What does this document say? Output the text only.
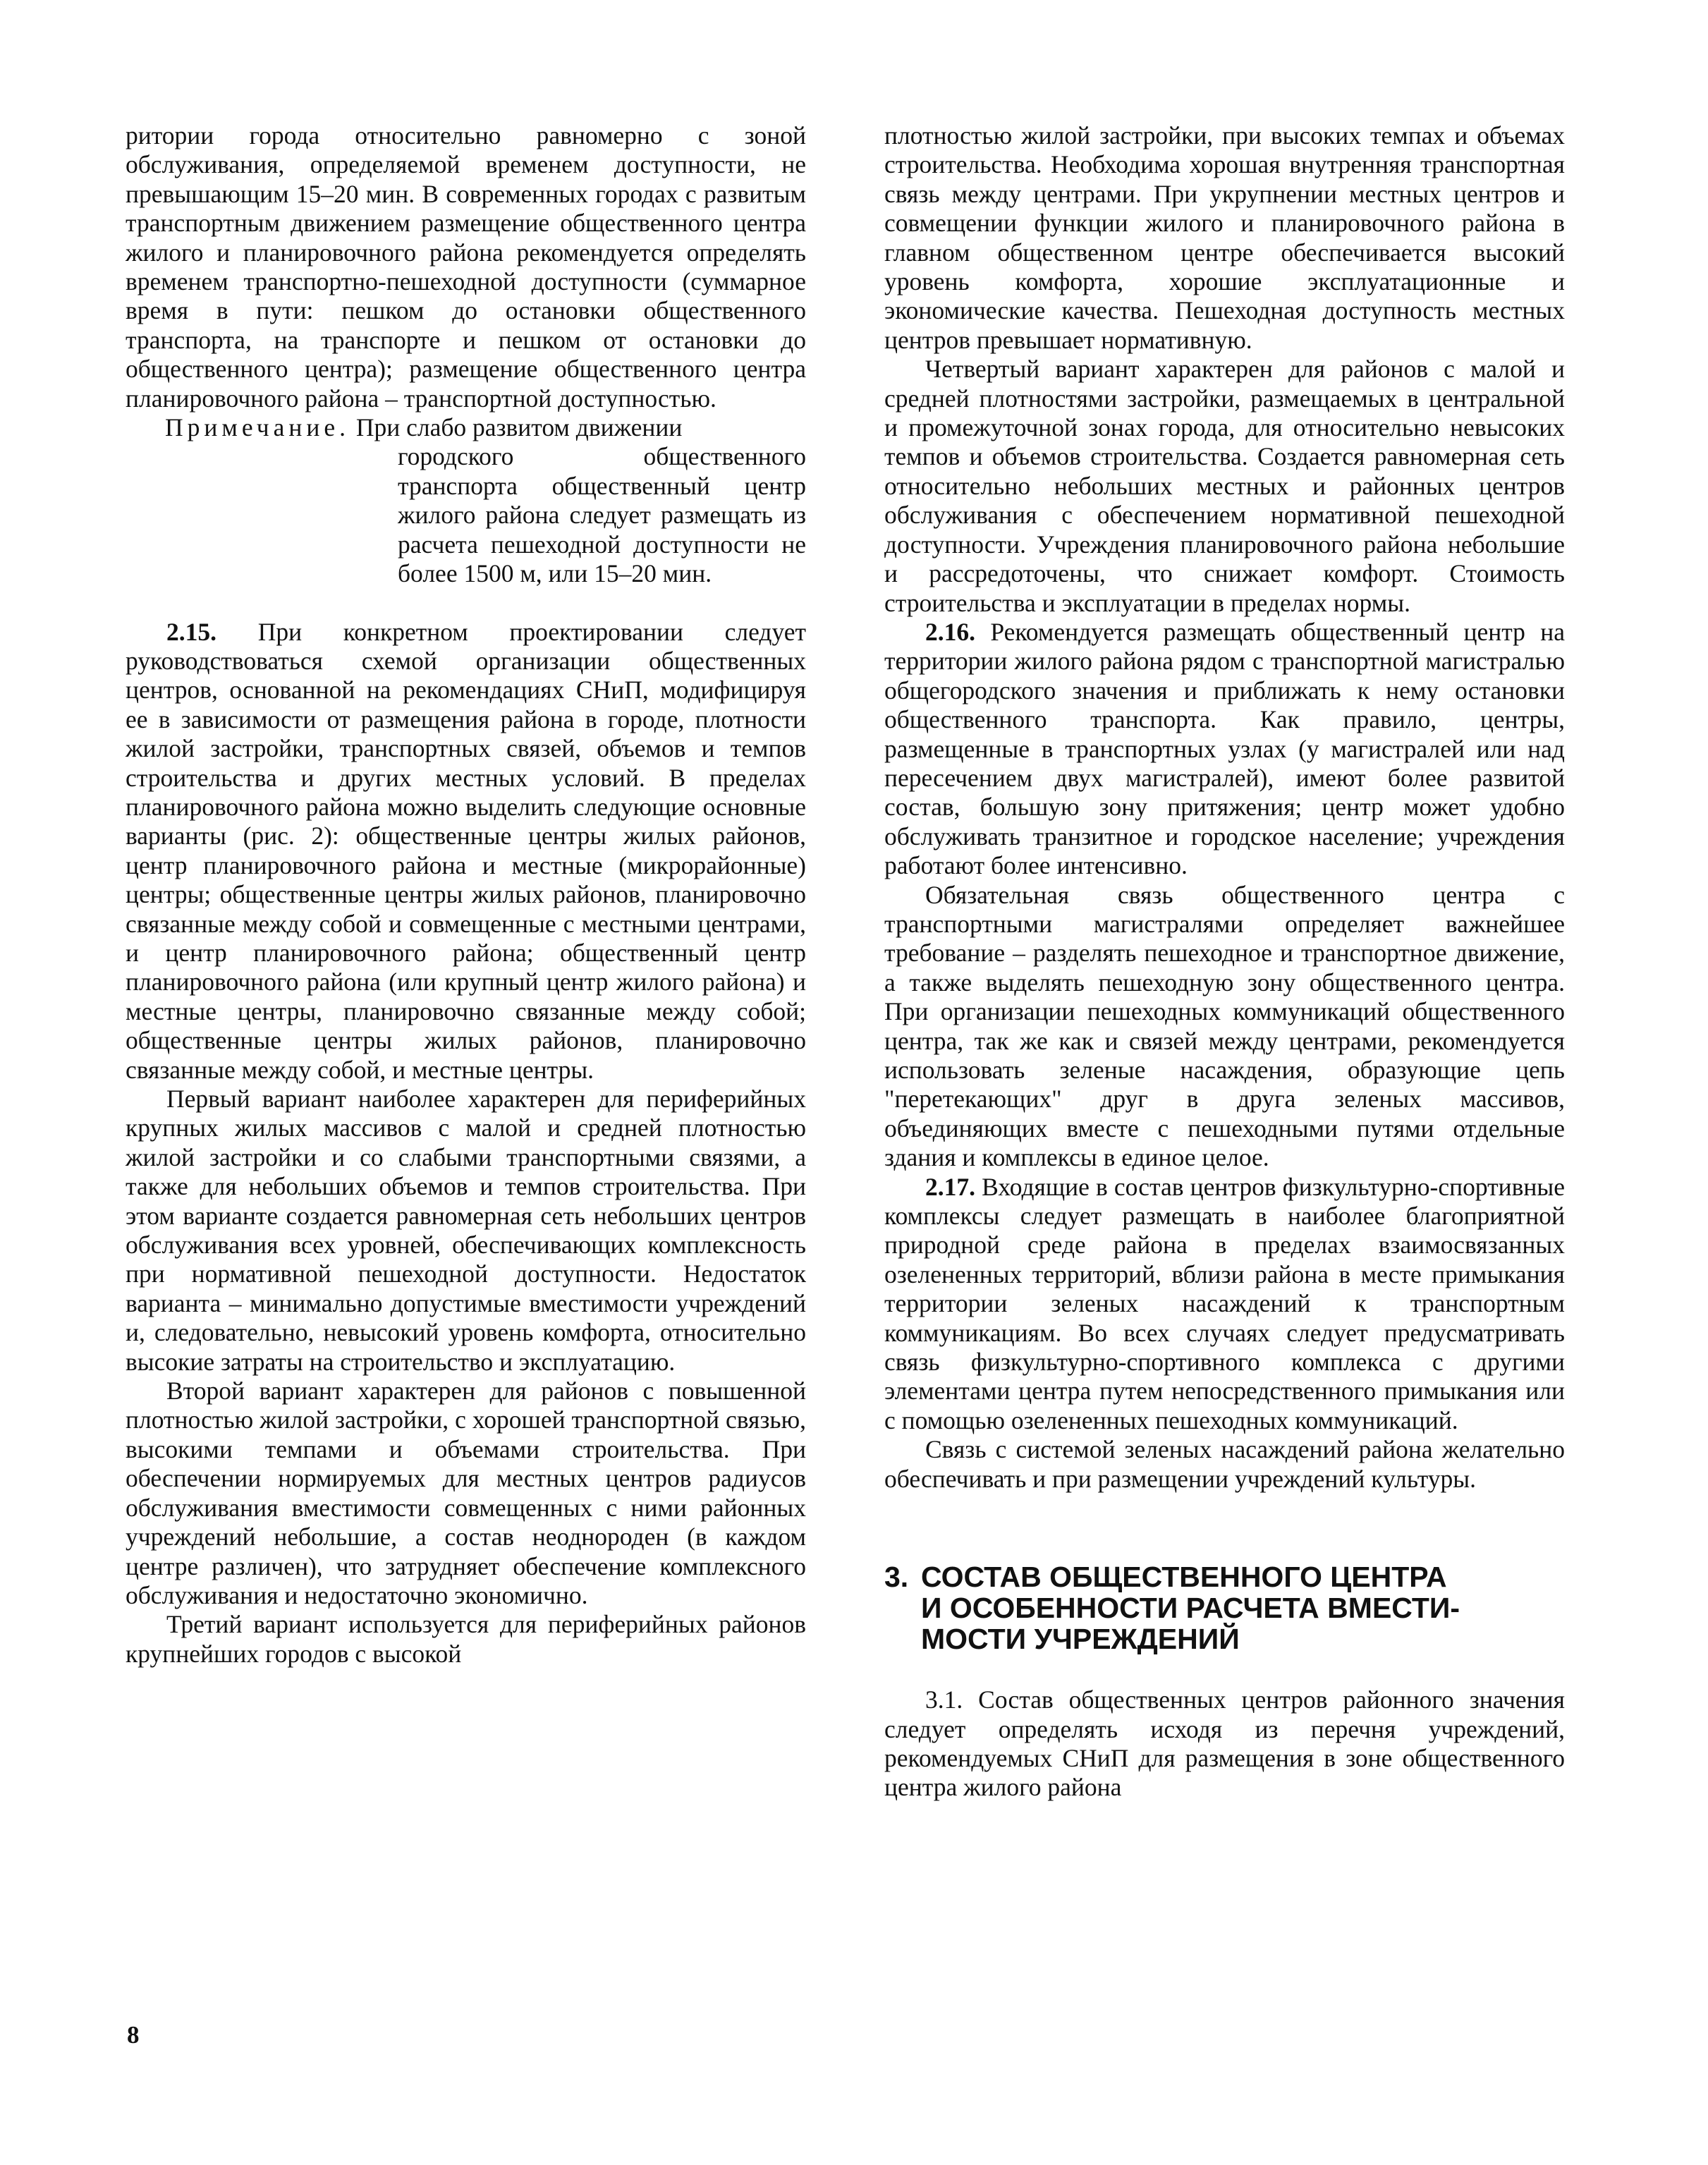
ритории города относительно равномерно с зоной обслуживания, определяемой временем доступности, не превышающим 15–20 мин. В современных городах с развитым транспортным движением размещение общественного центра жилого и планировочного района рекомендуется определять временем транспортно-пешеходной доступности (суммарное время в пути: пешком до остановки общественного транспорта, на транспорте и пешком от остановки до общественного центра); размещение общественного центра планировочного района – транспортной доступностью.

Примечание. При слабо развитом движении
городского общественного транспорта общественный центр жилого района следует размещать из расчета пешеходной доступности не более 1500 м, или 15–20 мин.

2.15. При конкретном проектировании следует руководствоваться схемой организации общественных центров, основанной на рекомендациях СНиП, модифицируя ее в зависимости от размещения района в городе, плотности жилой застройки, транспортных связей, объемов и темпов строительства и других местных условий. В пределах планировочного района можно выделить следующие основные варианты (рис. 2): общественные центры жилых районов, центр планировочного района и местные (микрорайонные) центры; общественные центры жилых районов, планировочно связанные между собой и совмещенные с местными центрами, и центр планировочного района; общественный центр планировочного района (или крупный центр жилого района) и местные центры, планировочно связанные между собой; общественные центры жилых районов, планировочно связанные между собой, и местные центры.

Первый вариант наиболее характерен для периферийных крупных жилых массивов с малой и средней плотностью жилой застройки и со слабыми транспортными связями, а также для небольших объемов и темпов строительства. При этом варианте создается равномерная сеть небольших центров обслуживания всех уровней, обеспечивающих комплексность при нормативной пешеходной доступности. Недостаток варианта – минимально допустимые вместимости учреждений и, следовательно, невысокий уровень комфорта, относительно высокие затраты на строительство и эксплуатацию.

Второй вариант характерен для районов с повышенной плотностью жилой застройки, с хорошей транспортной связью, высокими темпами и объемами строительства. При обеспечении нормируемых для местных центров радиусов обслуживания вместимости совмещенных с ними районных учреждений небольшие, а состав неоднороден (в каждом центре различен), что затрудняет обеспечение комплексного обслуживания и недостаточно экономично.

Третий вариант используется для периферийных районов крупнейших городов с высокой

плотностью жилой застройки, при высоких темпах и объемах строительства. Необходима хорошая внутренняя транспортная связь между центрами. При укрупнении местных центров и совмещении функции жилого и планировочного района в главном общественном центре обеспечивается высокий уровень комфорта, хорошие эксплуатационные и экономические качества. Пешеходная доступность местных центров превышает нормативную.

Четвертый вариант характерен для районов с малой и средней плотностями застройки, размещаемых в центральной и промежуточной зонах города, для относительно невысоких темпов и объемов строительства. Создается равномерная сеть относительно небольших местных и районных центров обслуживания с обеспечением нормативной пешеходной доступности. Учреждения планировочного района небольшие и рассредоточены, что снижает комфорт. Стоимость строительства и эксплуатации в пределах нормы.

2.16. Рекомендуется размещать общественный центр на территории жилого района рядом с транспортной магистралью общегородского значения и приближать к нему остановки общественного транспорта. Как правило, центры, размещенные в транспортных узлах (у магистралей или над пересечением двух магистралей), имеют более развитой состав, большую зону притяжения; центр может удобно обслуживать транзитное и городское население; учреждения работают более интенсивно.

Обязательная связь общественного центра с транспортными магистралями определяет важнейшее требование – разделять пешеходное и транспортное движение, а также выделять пешеходную зону общественного центра. При организации пешеходных коммуникаций общественного центра, так же как и связей между центрами, рекомендуется использовать зеленые насаждения, образующие цепь "перетекающих" друг в друга зеленых массивов, объединяющих вместе с пешеходными путями отдельные здания и комплексы в единое целое.

2.17. Входящие в состав центров физкультурно-спортивные комплексы следует размещать в наиболее благоприятной природной среде района в пределах взаимосвязанных озелененных территорий, вблизи района в месте примыкания территории зеленых насаждений к транспортным коммуникациям. Во всех случаях следует предусматривать связь физкультурно-спортивного комплекса с другими элементами центра путем непосредственного примыкания или с помощью озелененных пешеходных коммуникаций.

Связь с системой зеленых насаждений района желательно обеспечивать и при размещении учреждений культуры.

3. СОСТАВ ОБЩЕСТВЕННОГО ЦЕНТРА
И ОСОБЕННОСТИ РАСЧЕТА ВМЕСТИ-
МОСТИ УЧРЕЖДЕНИЙ

3.1. Состав общественных центров районного значения следует определять исходя из перечня учреждений, рекомендуемых СНиП для размещения в зоне общественного центра жилого района

8
